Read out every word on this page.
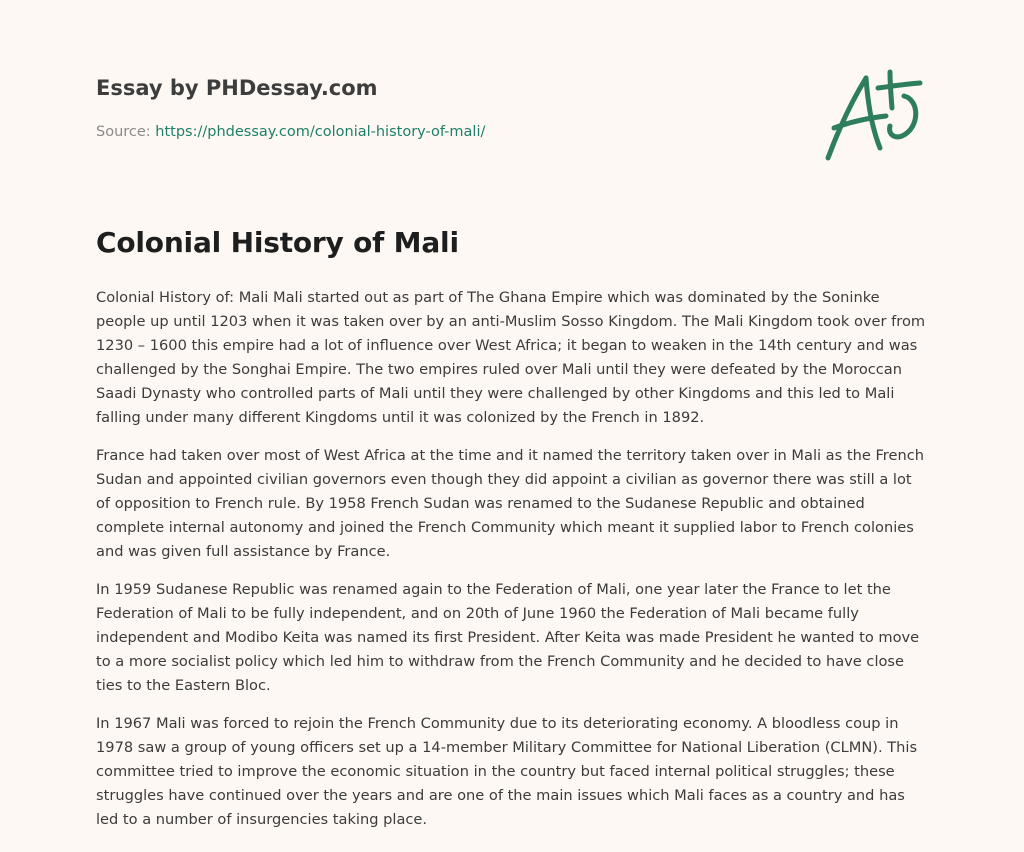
Essay by PHDessay.com
Source: https://phdessay.com/colonial-history-of-mali/
Colonial History of Mali

Colonial History of: Mali Mali started out as part of The Ghana Empire which was dominated by the Soninke people up until 1203 when it was taken over by an anti-Muslim Sosso Kingdom. The Mali Kingdom took over from 1230 – 1600 this empire had a lot of influence over West Africa; it began to weaken in the 14th century and was challenged by the Songhai Empire. The two empires ruled over Mali until they were defeated by the Moroccan Saadi Dynasty who controlled parts of Mali until they were challenged by other Kingdoms and this led to Mali falling under many different Kingdoms until it was colonized by the French in 1892.

France had taken over most of West Africa at the time and it named the territory taken over in Mali as the French Sudan and appointed civilian governors even though they did appoint a civilian as governor there was still a lot of opposition to French rule. By 1958 French Sudan was renamed to the Sudanese Republic and obtained complete internal autonomy and joined the French Community which meant it supplied labor to French colonies and was given full assistance by France.

In 1959 Sudanese Republic was renamed again to the Federation of Mali, one year later the France to let the Federation of Mali to be fully independent, and on 20th of June 1960 the Federation of Mali became fully independent and Modibo Keita was named its first President. After Keita was made President he wanted to move to a more socialist policy which led him to withdraw from the French Community and he decided to have close ties to the Eastern Bloc.

In 1967 Mali was forced to rejoin the French Community due to its deteriorating economy. A bloodless coup in 1978 saw a group of young officers set up a 14-member Military Committee for National Liberation (CLMN). This committee tried to improve the economic situation in the country but faced internal political struggles; these struggles have continued over the years and are one of the main issues which Mali faces as a country and has led to a number of insurgencies taking place.
